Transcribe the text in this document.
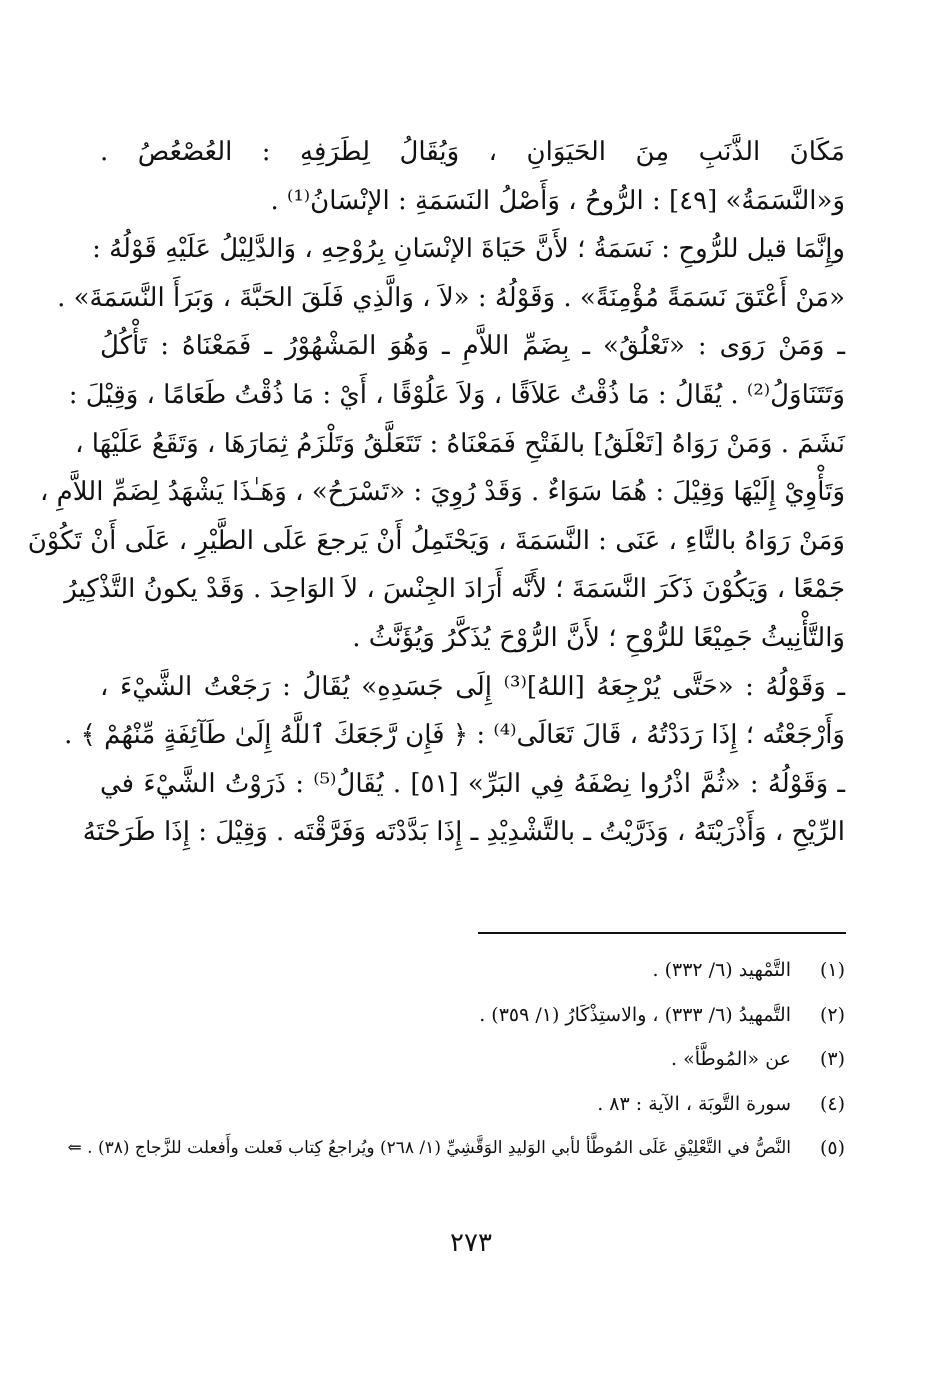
مَكَانَ الذَّنَبِ مِنَ الحَيَوَانِ ، وَيُقَالُ لِطَرَفِهِ : العُصْعُصُ .
وَ«النَّسَمَةُ» [٤٩] : الرُّوحُ ، وَأَصْلُ النَسَمَةِ : الإنْسَانُ⁽¹⁾ .
وإِنَّمَا قيل للرُّوحِ : نَسَمَةُ ؛ لأَنَّ حَيَاةَ الإنْسَانِ بِرُوْحِهِ ، وَالدَّلِيْلُ عَلَيْهِ قَوْلُهُ :
«مَنْ أَعْتَقَ نَسَمَةً مُؤْمِنَةً» . وَقَوْلُهُ : «لاَ ، وَالَّذِي فَلَقَ الحَبَّةَ ، وَبَرَأَ النَّسَمَةَ» .
ـ وَمَنْ رَوَى : «تَعْلُقُ» ـ بِضَمِّ اللاَّمِ ـ وَهُوَ المَشْهُوْرُ ـ فَمَعْنَاهُ : تَأْكُلُ
وَتَتَنَاوَلُ⁽²⁾ . يُقَالُ : مَا ذُقْتُ عَلاَقًا ، وَلاَ عَلُوْقًا ، أَيْ : مَا ذُقْتُ طَعَامًا ، وَقِيْلَ :
نَشَمَ . وَمَنْ رَوَاهُ [تَعْلَقُ] بالفَتْحِ فَمَعْنَاهُ : تَتَعَلَّقُ وَتَلْزَمُ ثِمَارَهَا ، وَتَقَعُ عَلَيْهَا ،
وَتَأْوِيْ إِلَيْهَا وَقِيْلَ : هُمَا سَوَاءٌ . وَقَدْ رُوِيَ : «تَسْرَحُ» ، وَهَـٰذَا يَشْهَدُ لِضَمِّ اللاَّمِ ،
وَمَنْ رَوَاهُ بالتَّاءِ ، عَنَى : النَّسَمَةَ ، وَيَحْتَمِلُ أَنْ يَرجعَ عَلَى الطَّيْرِ ، عَلَى أَنْ تَكُوْنَ
جَمْعًا ، وَيَكُوْنَ ذَكَرَ النَّسَمَةَ ؛ لأَنَّه أَرَادَ الجِنْسَ ، لاَ الوَاحِدَ . وَقَدْ يكونُ التَّذْكِيرُ
وَالتَّأْنِيثُ جَمِيْعًا للرُّوْحِ ؛ لأَنَّ الرُّوْحَ يُذَكَّرُ وَيُؤَنَّثُ .
ـ وَقَوْلُهُ : «حَتَّى يُرْجِعَهُ [اللهُ]⁽³⁾ إِلَى جَسَدِهِ» يُقَالُ : رَجَعْتُ الشَّيْءَ ،
وَأَرْجَعْتُه ؛ إِذَا رَدَدْتُهُ ، قَالَ تَعَالَى⁽⁴⁾ : ﴿ فَإِن رَّجَعَكَ ٱللَّهُ إِلَىٰ طَآئِفَةٍ مِّنْهُمْ ﴾ .
ـ وَقَوْلُهُ : «ثُمَّ اذْرُوا نِصْفَهُ فِي البَرِّ» [٥١] . يُقَالُ⁽⁵⁾ : ذَرَوْتُ الشَّيْءَ في
الرِّيْحِ ، وَأَذْرَيْتَهُ ، وَذَرَّيْتُ ـ بالتَّشْدِيْدِ ـ إِذَا بَدَّدْتَه وَفَرَّقْتَه . وَقِيْلَ : إِذَا طَرَحْتَهُ
(١)
التَّمْهيد (٦/ ٣٣٢) .
(٢)
التَّمهيدُ (٦/ ٣٣٣) ، والاستِذْكَارُ (١/ ٣٥٩) .
(٣)
عن «المُوطَّأ» .
(٤)
سورة التَّوبَة ، الآية : ٨٣ .
(٥)
النَّصُّ في التَّعْلِيْقِ عَلَى المُوطَّأ لأبي الوَليدِ الوَقَّشِيِّ (١/ ٢٦٨) ويُراجعُ كِتاب فَعلت وأَفعلت للزَّجاج (٣٨) . ⇐
٢٧٣
